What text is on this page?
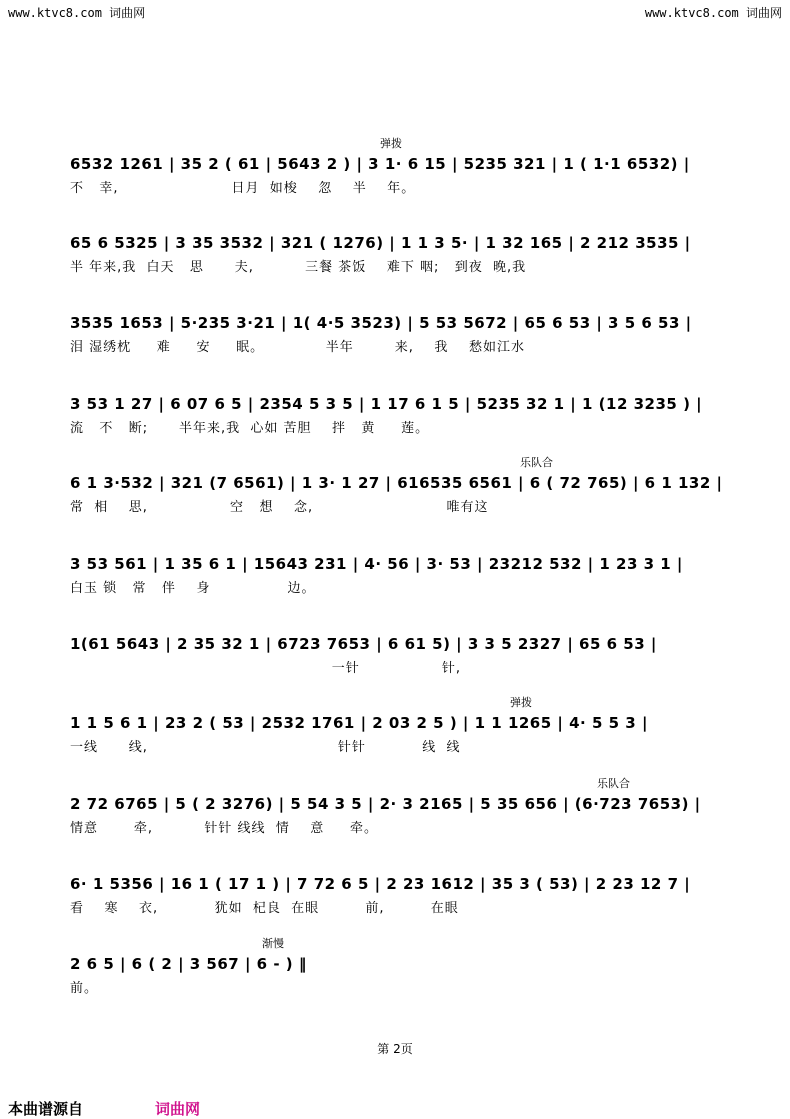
www.ktvc8.com 词曲网	www.ktvc8.com 词曲网
弹拨
6532 1261 | 35 2 ( 61 | 5643 2 ) | 3 1· 6 15 | 5235 321 | 1 ( 1·1 6532) |
不   幸,                      日月  如梭    忽    半    年。
65 6 5325 | 3 35 3532 | 321 ( 1276) | 1 1 3 5· | 1 32 165 | 2 212 3535 |
半 年来,我  白天   思      夫,          三餐 茶饭    难下 咽;   到夜  晚,我
3535 1653 | 5·235 3·21 | 1( 4·5 3523) | 5 53 5672 | 65 6 53 | 3 5 6 53 |
泪 湿绣枕     难     安     眠。            半年        来,    我    愁如江水
3 53 1 27 | 6 07 6 5 | 2354 5 3 5 | 1 17 6 1 5 | 5235 32 1 | 1 (12 3235 ) |
流   不   断;      半年来,我  心如 苦胆    拌   黄     莲。
乐队合
6 1 3·532 | 321 (7 6561) | 1 3· 1 27 | 616535 6561 | 6 ( 72 765) | 6 1 132 |
常  相    思,                空   想    念,                          唯有这
3 53 561 | 1 35 6 1 | 15643 231 | 4· 56 | 3· 53 | 23212 532 | 1 23 3 1 |
白玉 锁   常   伴    身               边。
1(61 5643 | 2 35 32 1 | 6723 7653 | 6 61 5) | 3 3 5 2327 | 65 6 53 |
一针                针,
弹拨
1 1 5 6 1 | 23 2 ( 53 | 2532 1761 | 2 03 2 5 ) | 1 1 1265 | 4· 5 5 3 |
一线      线,                                     针针           线  线
乐队合
2 72 6765 | 5 ( 2 3276) | 5 54 3 5 | 2· 3 2165 | 5 35 656 | (6·723 7653) |
情意       牵,          针针 线线  情    意     牵。
6· 1 5356 | 16 1 ( 17 1 ) | 7 72 6 5 | 2 23 1612 | 35 3 ( 53) | 2 23 12 7 |
看    寒    衣,           犹如  杞良  在眼         前,         在眼
渐慢
2 6 5 | 6 ( 2 | 3 567 | 6 - ) ‖
前。
第 2页
本曲谱源自	词曲网
